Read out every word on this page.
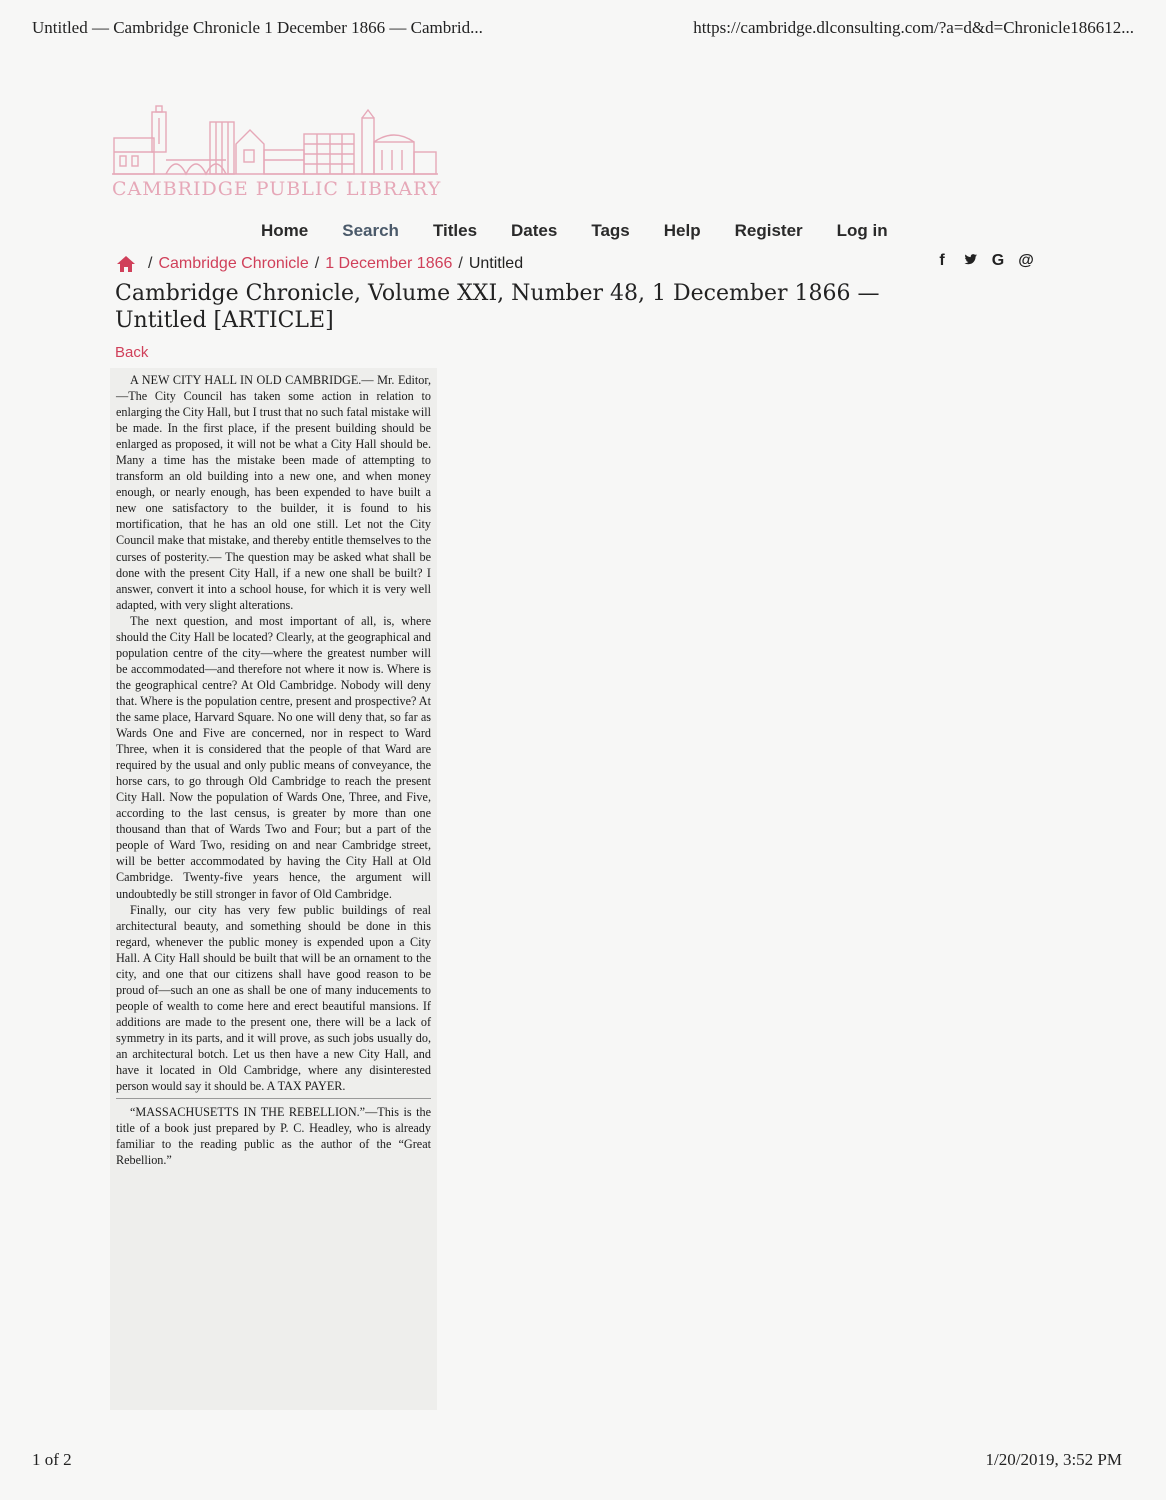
Untitled — Cambridge Chronicle 1 December 1866 — Cambrid...	https://cambridge.dlconsulting.com/?a=d&d=Chronicle186612...
CAMBRIDGE PUBLIC LIBRARY
Home	Search	Titles	Dates	Tags	Help	Register	Log in
/ Cambridge Chronicle / 1 December 1866 / Untitled	f	G @
Cambridge Chronicle, Volume XXI, Number 48, 1 December 1866 — Untitled [ARTICLE]
Back

A NEW CITY HALL IN OLD CAMBRIDGE.— Mr. Editor,—The City Council has taken some action in relation to enlarging the City Hall, but I trust that no such fatal mistake will be made. In the first place, if the present building should be enlarged as proposed, it will not be what a City Hall should be. Many a time has the mistake been made of attempting to transform an old building into a new one, and when money enough, or nearly enough, has been expended to have built a new one satisfactory to the builder, it is found to his mortification, that he has an old one still. Let not the City Council make that mistake, and thereby entitle themselves to the curses of posterity.— The question may be asked what shall be done with the present City Hall, if a new one shall be built? I answer, convert it into a school house, for which it is very well adapted, with very slight alterations.

The next question, and most important of all, is, where should the City Hall be located? Clearly, at the geographical and population centre of the city—where the greatest number will be accommodated—and therefore not where it now is. Where is the geographical centre? At Old Cambridge. Nobody will deny that. Where is the population centre, present and prospective? At the same place, Harvard Square. No one will deny that, so far as Wards One and Five are concerned, nor in respect to Ward Three, when it is considered that the people of that Ward are required by the usual and only public means of conveyance, the horse cars, to go through Old Cambridge to reach the present City Hall. Now the population of Wards One, Three, and Five, according to the last census, is greater by more than one thousand than that of Wards Two and Four; but a part of the people of Ward Two, residing on and near Cambridge street, will be better accommodated by having the City Hall at Old Cambridge. Twenty-five years hence, the argument will undoubtedly be still stronger in favor of Old Cambridge.

Finally, our city has very few public buildings of real architectural beauty, and something should be done in this regard, whenever the public money is expended upon a City Hall. A City Hall should be built that will be an ornament to the city, and one that our citizens shall have good reason to be proud of—such an one as shall be one of many inducements to people of wealth to come here and erect beautiful mansions. If additions are made to the present one, there will be a lack of symmetry in its parts, and it will prove, as such jobs usually do, an architectural botch. Let us then have a new City Hall, and have it located in Old Cambridge, where any disinterested person would say it should be. A TAX PAYER.

“MASSACHUSETTS IN THE REBELLION.”—This is the title of a book just prepared by P. C. Headley, who is already familiar to the reading public as the author of the “Great Rebellion.”

1 of 2	1/20/2019, 3:52 PM
